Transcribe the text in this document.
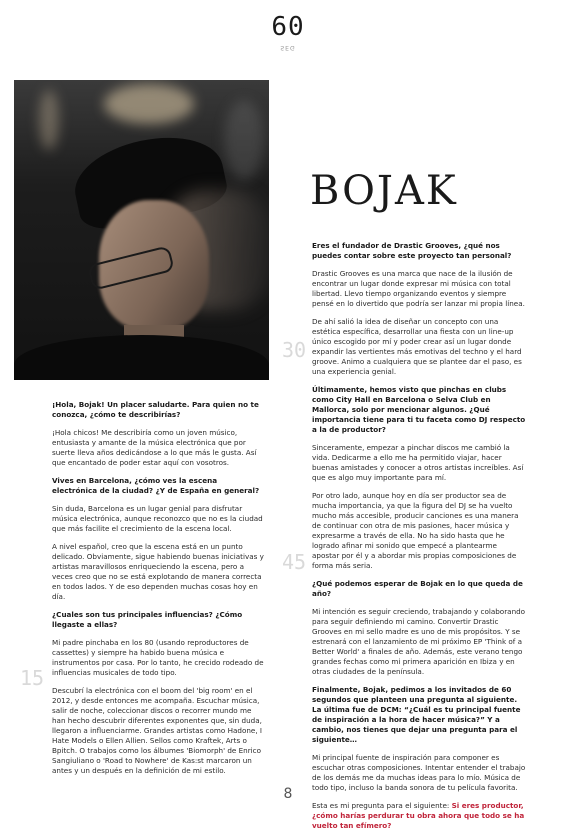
60
SEG
30
45
15
BOJAK

¡Hola, Bojak! Un placer saludarte. Para quien no te conozca, ¿cómo te describirías?

¡Hola chicos! Me describiría como un joven músico, entusiasta y amante de la música electrónica que por suerte lleva años dedicándose a lo que más le gusta. Así que encantado de poder estar aquí con vosotros.

Vives en Barcelona, ¿cómo ves la escena electrónica de la ciudad? ¿Y de España en general?

Sin duda, Barcelona es un lugar genial para disfrutar música electrónica, aunque reconozco que no es la ciudad que más facilite el crecimiento de la escena local.

A nivel español, creo que la escena está en un punto delicado. Obviamente, sigue habiendo buenas iniciativas y artistas maravillosos enriqueciendo la escena, pero a veces creo que no se está explotando de manera correcta en todos lados. Y de eso dependen muchas cosas hoy en día.

¿Cuales son tus principales influencias? ¿Cómo llegaste a ellas?

Mi padre pinchaba en los 80 (usando reproductores de cassettes) y siempre ha habido buena música e instrumentos por casa. Por lo tanto, he crecido rodeado de influencias musicales de todo tipo.

Descubrí la electrónica con el boom del 'big room' en el 2012, y desde entonces me acompaña. Escuchar música, salir de noche, coleccionar discos o recorrer mundo me han hecho descubrir diferentes exponentes que, sin duda, llegaron a influenciarme. Grandes artistas como Hadone, I Hate Models o Ellen Allien. Sellos como Kraftek, Arts o Bpitch. O trabajos como los álbumes 'Biomorph' de Enrico Sangiuliano o 'Road to Nowhere' de Kas:st marcaron un antes y un después en la definición de mi estilo.

Eres el fundador de Drastic Grooves, ¿qué nos puedes contar sobre este proyecto tan personal?

Drastic Grooves es una marca que nace de la ilusión de encontrar un lugar donde expresar mi música con total libertad. Llevo tiempo organizando eventos y siempre pensé en lo divertido que podría ser lanzar mi propia línea.

De ahí salió la idea de diseñar un concepto con una estética específica, desarrollar una fiesta con un line-up único escogido por mí y poder crear así un lugar donde expandir las vertientes más emotivas del techno y el hard groove. Animo a cualquiera que se plantee dar el paso, es una experiencia genial.

Últimamente, hemos visto que pinchas en clubs como City Hall en Barcelona o Selva Club en Mallorca, solo por mencionar algunos. ¿Qué importancia tiene para ti tu faceta como DJ respecto a la de productor?

Sinceramente, empezar a pinchar discos me cambió la vida. Dedicarme a ello me ha permitido viajar, hacer buenas amistades y conocer a otros artistas increíbles. Así que es algo muy importante para mí.

Por otro lado, aunque hoy en día ser productor sea de mucha importancia, ya que la figura del DJ se ha vuelto mucho más accesible, producir canciones es una manera de continuar con otra de mis pasiones, hacer música y expresarme a través de ella. No ha sido hasta que he logrado afinar mi sonido que empecé a plantearme apostar por él y a abordar mis propias composiciones de forma más seria.

¿Qué podemos esperar de Bojak en lo que queda de año?

Mi intención es seguir creciendo, trabajando y colaborando para seguir definiendo mi camino. Convertir Drastic Grooves en mi sello madre es uno de mis propósitos. Y se estrenará con el lanzamiento de mi próximo EP 'Think of a Better World' a finales de año. Además, este verano tengo grandes fechas como mi primera aparición en Ibiza y en otras ciudades de la península.

Finalmente, Bojak, pedimos a los invitados de 60 segundos que planteen una pregunta al siguiente. La última fue de DCM: “¿Cuál es tu principal fuente de inspiración a la hora de hacer música?” Y a cambio, nos tienes que dejar una pregunta para el siguiente…

Mi principal fuente de inspiración para componer es escuchar otras composiciones. Intentar entender el trabajo de los demás me da muchas ideas para lo mío. Música de todo tipo, incluso la banda sonora de tu película favorita.

Esta es mi pregunta para el siguiente: Si eres productor, ¿cómo harías perdurar tu obra ahora que todo se ha vuelto tan efímero?

8
